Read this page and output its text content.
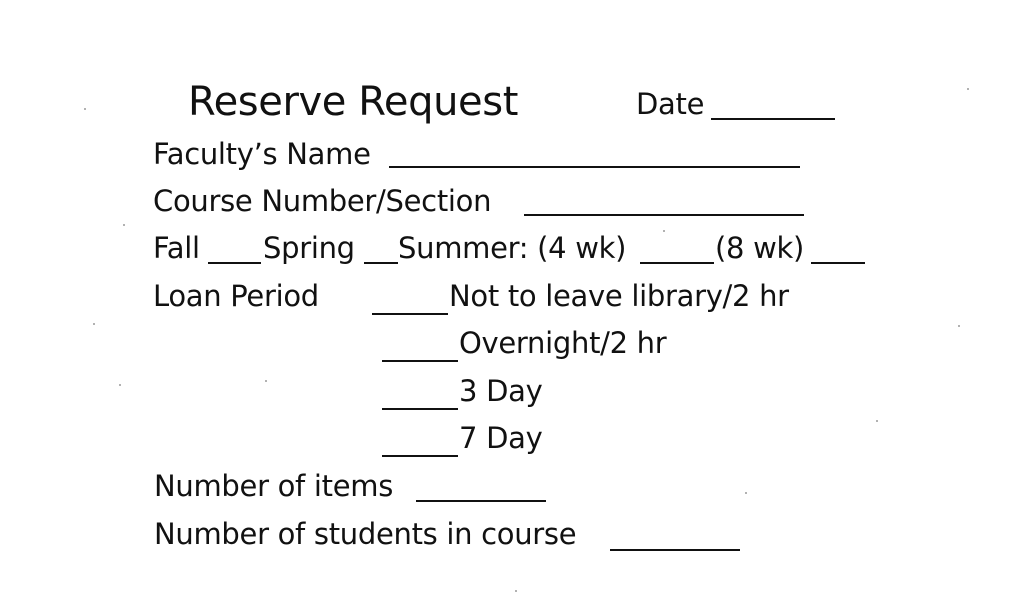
Reserve Request	Date
Faculty’s Name
Course Number/Section
Fall Spring Summer: (4 wk)	(8 wk)
Loan Period	Not to leave library/2 hr
Overnight/2 hr
3 Day
7 Day
Number of items
Number of students in course
